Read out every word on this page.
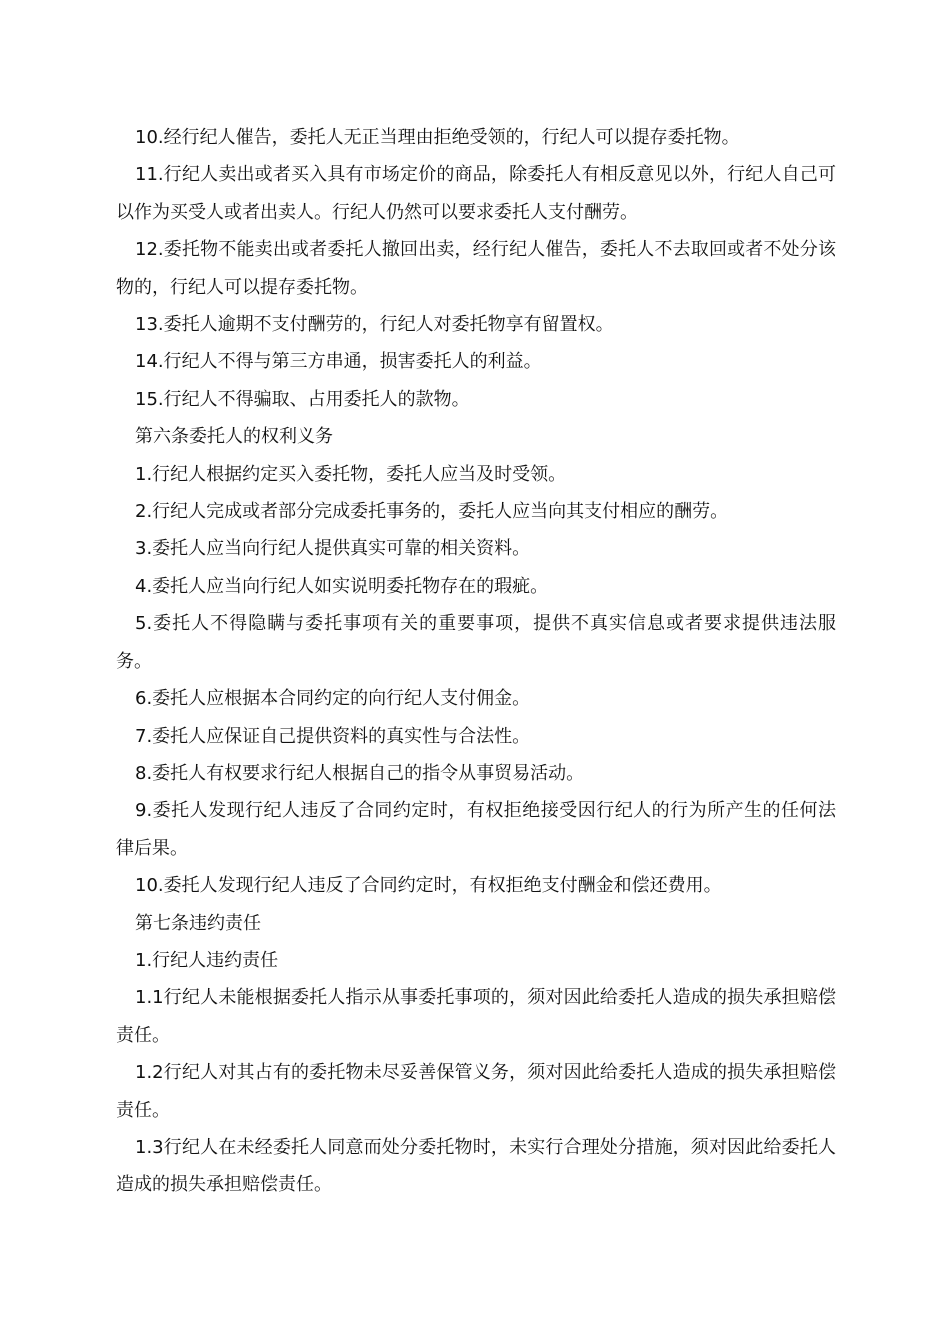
10.经行纪人催告，委托人无正当理由拒绝受领的，行纪人可以提存委托物。

11.行纪人卖出或者买入具有市场定价的商品，除委托人有相反意见以外，行纪人自己可以作为买受人或者出卖人。行纪人仍然可以要求委托人支付酬劳。

12.委托物不能卖出或者委托人撤回出卖，经行纪人催告，委托人不去取回或者不处分该物的，行纪人可以提存委托物。

13.委托人逾期不支付酬劳的，行纪人对委托物享有留置权。

14.行纪人不得与第三方串通，损害委托人的利益。

15.行纪人不得骗取、占用委托人的款物。

第六条委托人的权利义务

1.行纪人根据约定买入委托物，委托人应当及时受领。

2.行纪人完成或者部分完成委托事务的，委托人应当向其支付相应的酬劳。

3.委托人应当向行纪人提供真实可靠的相关资料。

4.委托人应当向行纪人如实说明委托物存在的瑕疵。

5.委托人不得隐瞒与委托事项有关的重要事项，提供不真实信息或者要求提供违法服务。

6.委托人应根据本合同约定的向行纪人支付佣金。

7.委托人应保证自己提供资料的真实性与合法性。

8.委托人有权要求行纪人根据自己的指令从事贸易活动。

9.委托人发现行纪人违反了合同约定时，有权拒绝接受因行纪人的行为所产生的任何法律后果。

10.委托人发现行纪人违反了合同约定时，有权拒绝支付酬金和偿还费用。

第七条违约责任

1.行纪人违约责任

1.1行纪人未能根据委托人指示从事委托事项的，须对因此给委托人造成的损失承担赔偿责任。

1.2行纪人对其占有的委托物未尽妥善保管义务，须对因此给委托人造成的损失承担赔偿责任。

1.3行纪人在未经委托人同意而处分委托物时，未实行合理处分措施，须对因此给委托人造成的损失承担赔偿责任。
